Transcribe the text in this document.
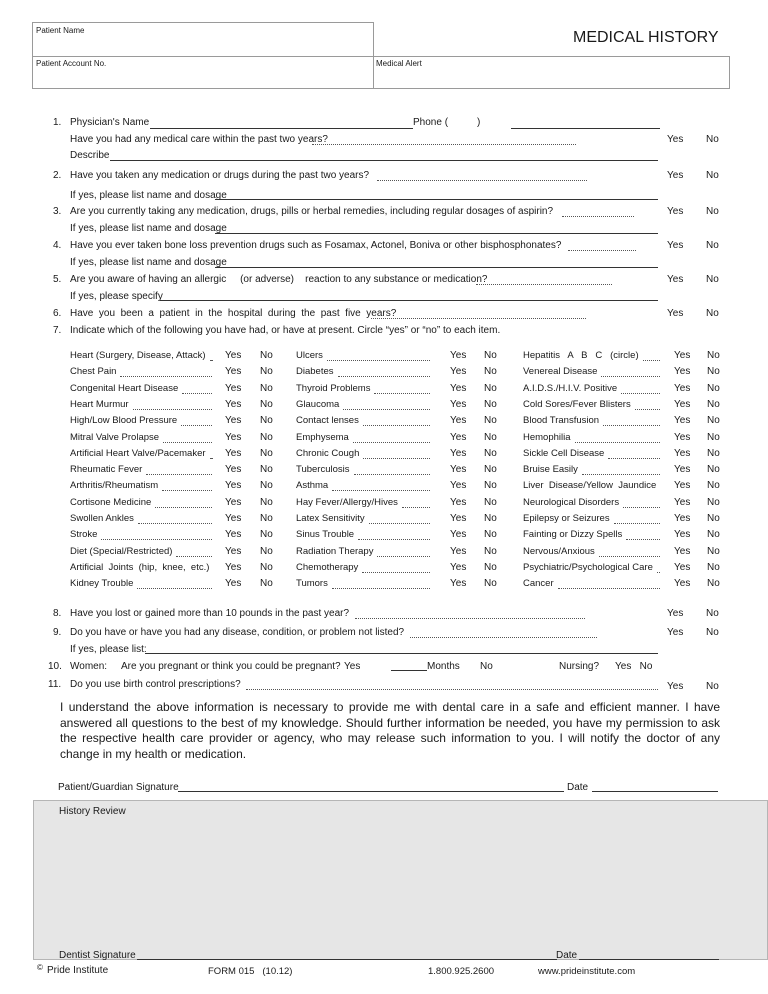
Patient Name	MEDICAL HISTORY
Patient Account No.	Medical Alert
1. Physician's Name	Phone (	)
Have you had any medical care within the past two years?	Yes No
Describe
2. Have you taken any medication or drugs during the past two years?	Yes No
If yes, please list name and dosage
3. Are you currently taking any medication, drugs, pills or herbal remedies, including regular dosages of aspirin?	Yes No
If yes, please list name and dosage
4. Have you ever taken bone loss prevention drugs such as Fosamax, Actonel, Boniva or other bisphosphonates?	Yes No
If yes, please list name and dosage
5. Are you aware of having an allergic     (or adverse)    reaction to any substance or medication?	Yes No
If yes, please specify
6. Have  you  been  a  patient  in  the  hospital  during  the  past  five  years?	Yes No
7. Indicate which of the following you have had, or have at present. Circle “yes” or “no” to each item.
Heart (Surgery, Disease, Attack) Yes No
Chest Pain	Yes No
Congenital Heart Disease	Yes No
Heart Murmur	Yes No
High/Low Blood Pressure	Yes No
Mitral Valve Prolapse	Yes No
Artificial Heart Valve/Pacemaker Yes No
Rheumatic Fever	Yes No
Arthritis/Rheumatism	Yes No
Cortisone Medicine	Yes No
Swollen Ankles	Yes No
Stroke	Yes No
Diet (Special/Restricted)	Yes No
Artificial  Joints  (hip,  knee,  etc.) Yes No
Kidney Trouble	Yes No
Ulcers	Yes No
Diabetes	Yes No
Thyroid Problems	Yes No
Glaucoma	Yes No
Contact lenses	Yes No
Emphysema	Yes No
Chronic Cough	Yes No
Tuberculosis	Yes No
Asthma	Yes No
Hay Fever/Allergy/Hives	Yes No
Latex Sensitivity	Yes No
Sinus Trouble	Yes No
Radiation Therapy	Yes No
Chemotherapy	Yes No
Tumors	Yes No
Hepatitis   A   B   C   (circle)	Yes No
Venereal Disease	Yes No
A.I.D.S./H.I.V. Positive	Yes No
Cold Sores/Fever Blisters	Yes No
Blood Transfusion	Yes No
Hemophilia	Yes No
Sickle Cell Disease	Yes No
Bruise Easily	Yes No
Liver  Disease/Yellow  Jaundice Yes No
Neurological Disorders	Yes No
Epilepsy or Seizures	Yes No
Fainting or Dizzy Spells	Yes No
Nervous/Anxious	Yes No
Psychiatric/Psychological Care Yes No
Cancer	Yes No
8. Have you lost or gained more than 10 pounds in the past year?	Yes No
9. Do you have or have you had any disease, condition, or problem not listed?	Yes No
If yes, please list:
10. Women: Are you pregnant or think you could be pregnant? Yes	Months No	Nursing? Yes   No
11. Do you use birth control prescriptions?	Yes No
I understand the above information is necessary to provide me with dental care in a safe and efficient manner. I have answered all questions to the best of my knowledge. Should further information be needed, you have my permission to ask the respective health care provider or agency, who may release such information to you. I will notify the doctor of any change in my health or medication.
Patient/Guardian Signature	Date
History Review
Dentist Signature	Date
© Pride Institute	FORM 015   (10.12)	1.800.925.2600	www.prideinstitute.com
